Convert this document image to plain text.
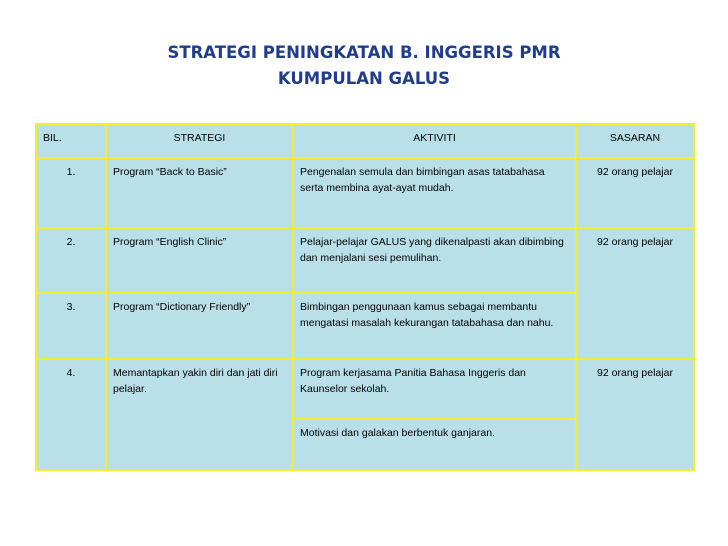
STRATEGI PENINGKATAN B. INGGERIS PMR
KUMPULAN GALUS
BIL.	STRATEGI	AKTIVITI	SASARAN
1.	Program “Back to Basic”	Pengenalan semula dan bimbingan asas tatabahasa serta membina ayat-ayat mudah.	92 orang pelajar
2.	Program “English Clinic”	Pelajar-pelajar GALUS yang dikenalpasti akan dibimbing dan menjalani sesi pemulihan.	92 orang pelajar
3.	Program “Dictionary Friendly”	Bimbingan penggunaan kamus sebagai membantu mengatasi masalah kekurangan tatabahasa dan nahu.	
4.	Memantapkan yakin diri dan jati diri pelajar.	Program kerjasama Panitia Bahasa Inggeris dan Kaunselor sekolah.	92 orang pelajar
		Motivasi dan galakan berbentuk ganjaran.	
